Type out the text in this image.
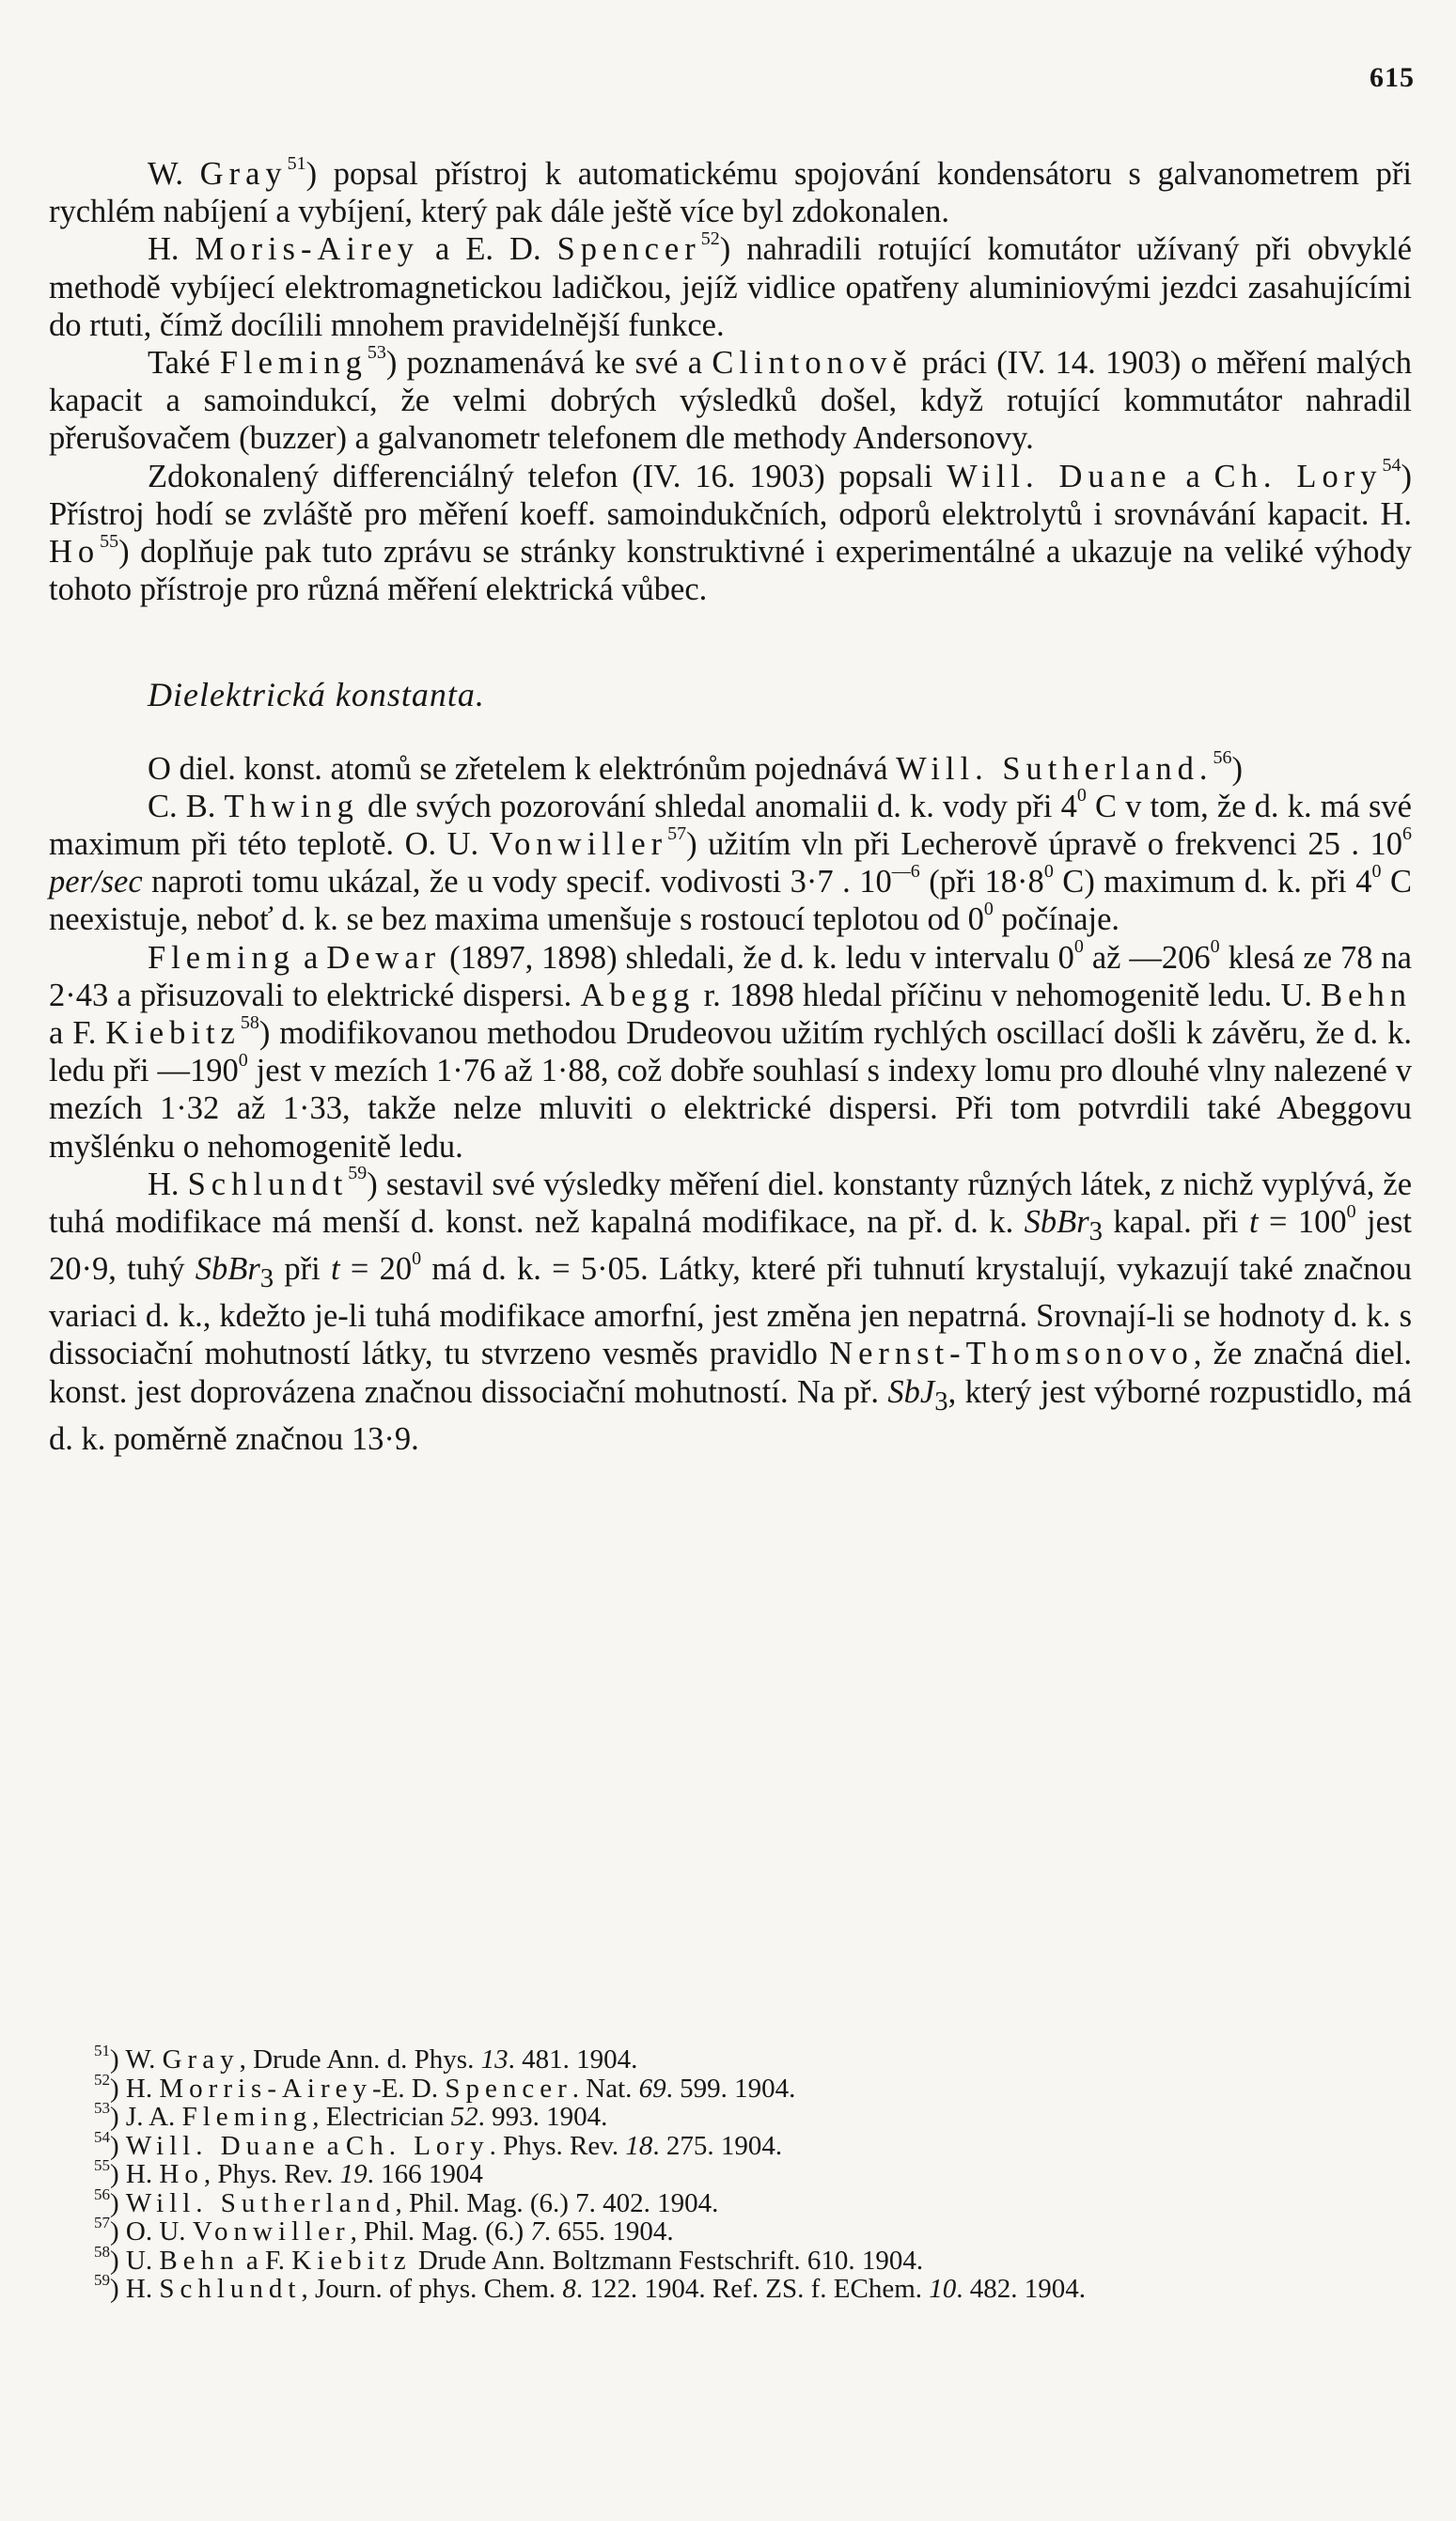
615

W. Gray$^{51}$) popsal přístroj k automatickému spojování kondensátoru s galvanometrem při rychlém nabíjení a vybíjení, který pak dále ještě více byl zdokonalen.

H. Moris-Airey a E. D. Spencer$^{52}$) nahradili rotující komutátor užívaný při obvyklé methodě vybíjecí elektromagnetickou ladičkou, jejíž vidlice opatřeny aluminiovými jezdci zasahujícími do rtuti, čímž docílili mnohem pravidelnější funkce.

Také Fleming$^{53}$) poznamenává ke své a Clintonově práci (IV. 14. 1903) o měření malých kapacit a samoindukcí, že velmi dobrých výsledků došel, když rotující kommutátor nahradil přerušovačem (buzzer) a galvanometr telefonem dle methody Andersonovy.

Zdokonalený differenciálný telefon (IV. 16. 1903) popsali Will. Duane a Ch. Lory$^{54}$) Přístroj hodí se zvláště pro měření koeff. samoindukčních, odporů elektrolytů i srovnávání kapacit. H. Ho$^{55}$) doplňuje pak tuto zprávu se stránky konstruktivné i experimentálné a ukazuje na veliké výhody tohoto přístroje pro různá měření elektrická vůbec.

Dielektrická konstanta.

O diel. konst. atomů se zřetelem k elektrónům pojednává Will. Sutherland.$^{56}$)

C. B. Thwing dle svých pozorování shledal anomalii d. k. vody při $4^0$ C v tom, že d. k. má své maximum při této teplotě. O. U. Vonwiller$^{57}$) užitím vln při Lecherově úpravě o frekvenci 25 . $10^6$ per/sec naproti tomu ukázal, že u vody specif. vodivosti 3·7 . $10^{—6}$ (při $18\cdot 8^0$ C) maximum d. k. při $4^0$ C neexistuje, neboť d. k. se bez maxima umenšuje s rostoucí teplotou od $0^0$ počínaje.

Fleming a Dewar (1897, 1898) shledali, že d. k. ledu v intervalu $0^0$ až $—206^0$ klesá ze 78 na 2·43 a přisuzovali to elektrické dispersi. Abegg r. 1898 hledal příčinu v nehomogenitě ledu. U. Behn a F. Kiebitz$^{58}$) modifikovanou methodou Drudeovou užitím rychlých oscillací došli k závěru, že d. k. ledu při $—190^0$ jest v mezích 1·76 až 1·88, což dobře souhlasí s indexy lomu pro dlouhé vlny nalezené v mezích 1·32 až 1·33, takže nelze mluviti o elektrické dispersi. Při tom potvrdili také Abeggovu myšlénku o nehomogenitě ledu.

H. Schlundt$^{59}$) sestavil své výsledky měření diel. konstanty různých látek, z nichž vyplývá, že tuhá modifikace má menší d. konst. než kapalná modifikace, na př. d. k. SbBr$_3$ kapal. při $t = 100^0$ jest 20·9, tuhý SbBr$_3$ při $t = 20^0$ má d. k. = 5·05. Látky, které při tuhnutí krystalují, vykazují také značnou variaci d. k., kdežto je-li tuhá modifikace amorfní, jest změna jen nepatrná. Srovnají-li se hodnoty d. k. s dissociační mohutností látky, tu stvrzeno vesměs pravidlo Nernst-Thomsonovo, že značná diel. konst. jest doprovázena značnou dissociační mohutností. Na př. SbJ$_3$, který jest výborné rozpustidlo, má d. k. poměrně značnou 13·9.

$^{51}$) W. Gray, Drude Ann. d. Phys. 13. 481. 1904.

$^{52}$) H. Morris-Airey-E. D. Spencer. Nat. 69. 599. 1904.

$^{53}$) J. A. Fleming, Electrician 52. 993. 1904.

$^{54}$) Will. Duane a Ch. Lory. Phys. Rev. 18. 275. 1904.

$^{55}$) H. Ho, Phys. Rev. 19. 166 1904

$^{56}$) Will. Sutherland, Phil. Mag. (6.) 7. 402. 1904.

$^{57}$) O. U. Vonwiller, Phil. Mag. (6.) 7. 655. 1904.

$^{58}$) U. Behn a F. Kiebitz Drude Ann. Boltzmann Festschrift. 610. 1904.

$^{59}$) H. Schlundt, Journ. of phys. Chem. 8. 122. 1904. Ref. ZS. f. EChem. 10. 482. 1904.
